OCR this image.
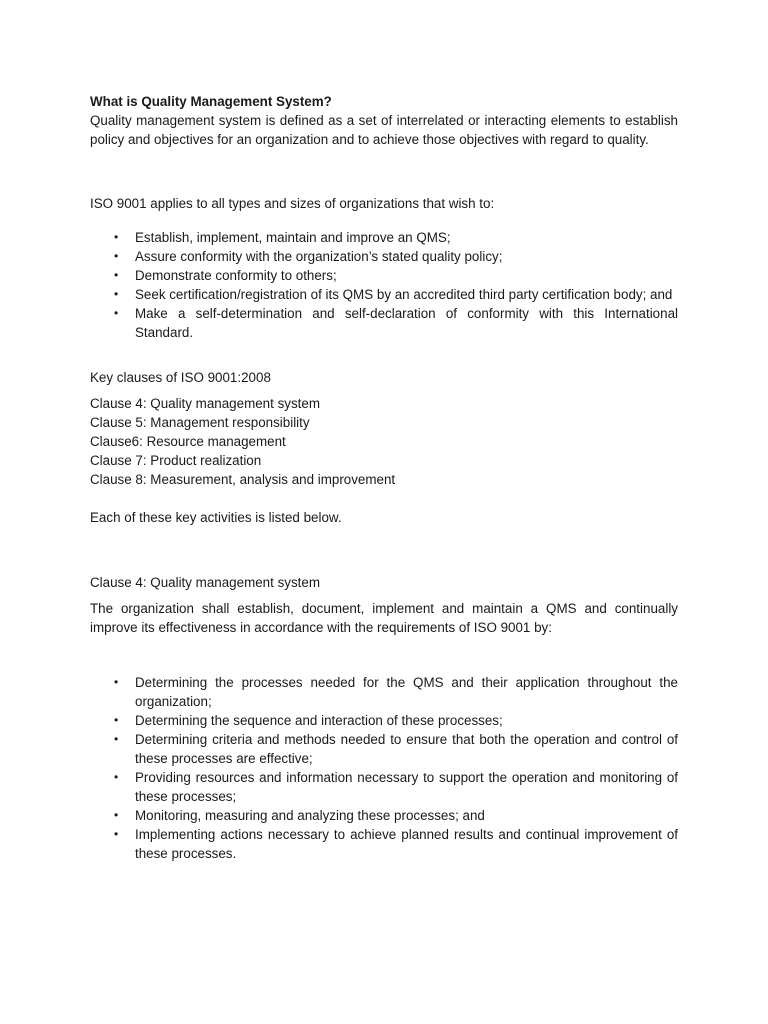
What is Quality Management System?

Quality management system is defined as a set of interrelated or interacting elements to establish policy and objectives for an organization and to achieve those objectives with regard to quality.

ISO 9001 applies to all types and sizes of organizations that wish to:

• Establish, implement, maintain and improve an QMS;
• Assure conformity with the organization’s stated quality policy;
• Demonstrate conformity to others;
• Seek certification/registration of its QMS by an accredited third party certification body; and
• Make a self-determination and self-declaration of conformity with this International Standard.

Key clauses of ISO 9001:2008

Clause 4: Quality management system

Clause 5: Management responsibility

Clause6: Resource management

Clause 7: Product realization

Clause 8: Measurement, analysis and improvement

Each of these key activities is listed below.

Clause 4: Quality management system

The organization shall establish, document, implement and maintain a QMS and continually improve its effectiveness in accordance with the requirements of ISO 9001 by:

• Determining the processes needed for the QMS and their application throughout the organization;
• Determining the sequence and interaction of these processes;
• Determining criteria and methods needed to ensure that both the operation and control of these processes are effective;
• Providing resources and information necessary to support the operation and monitoring of these processes;
• Monitoring, measuring and analyzing these processes; and
• Implementing actions necessary to achieve planned results and continual improvement of these processes.
